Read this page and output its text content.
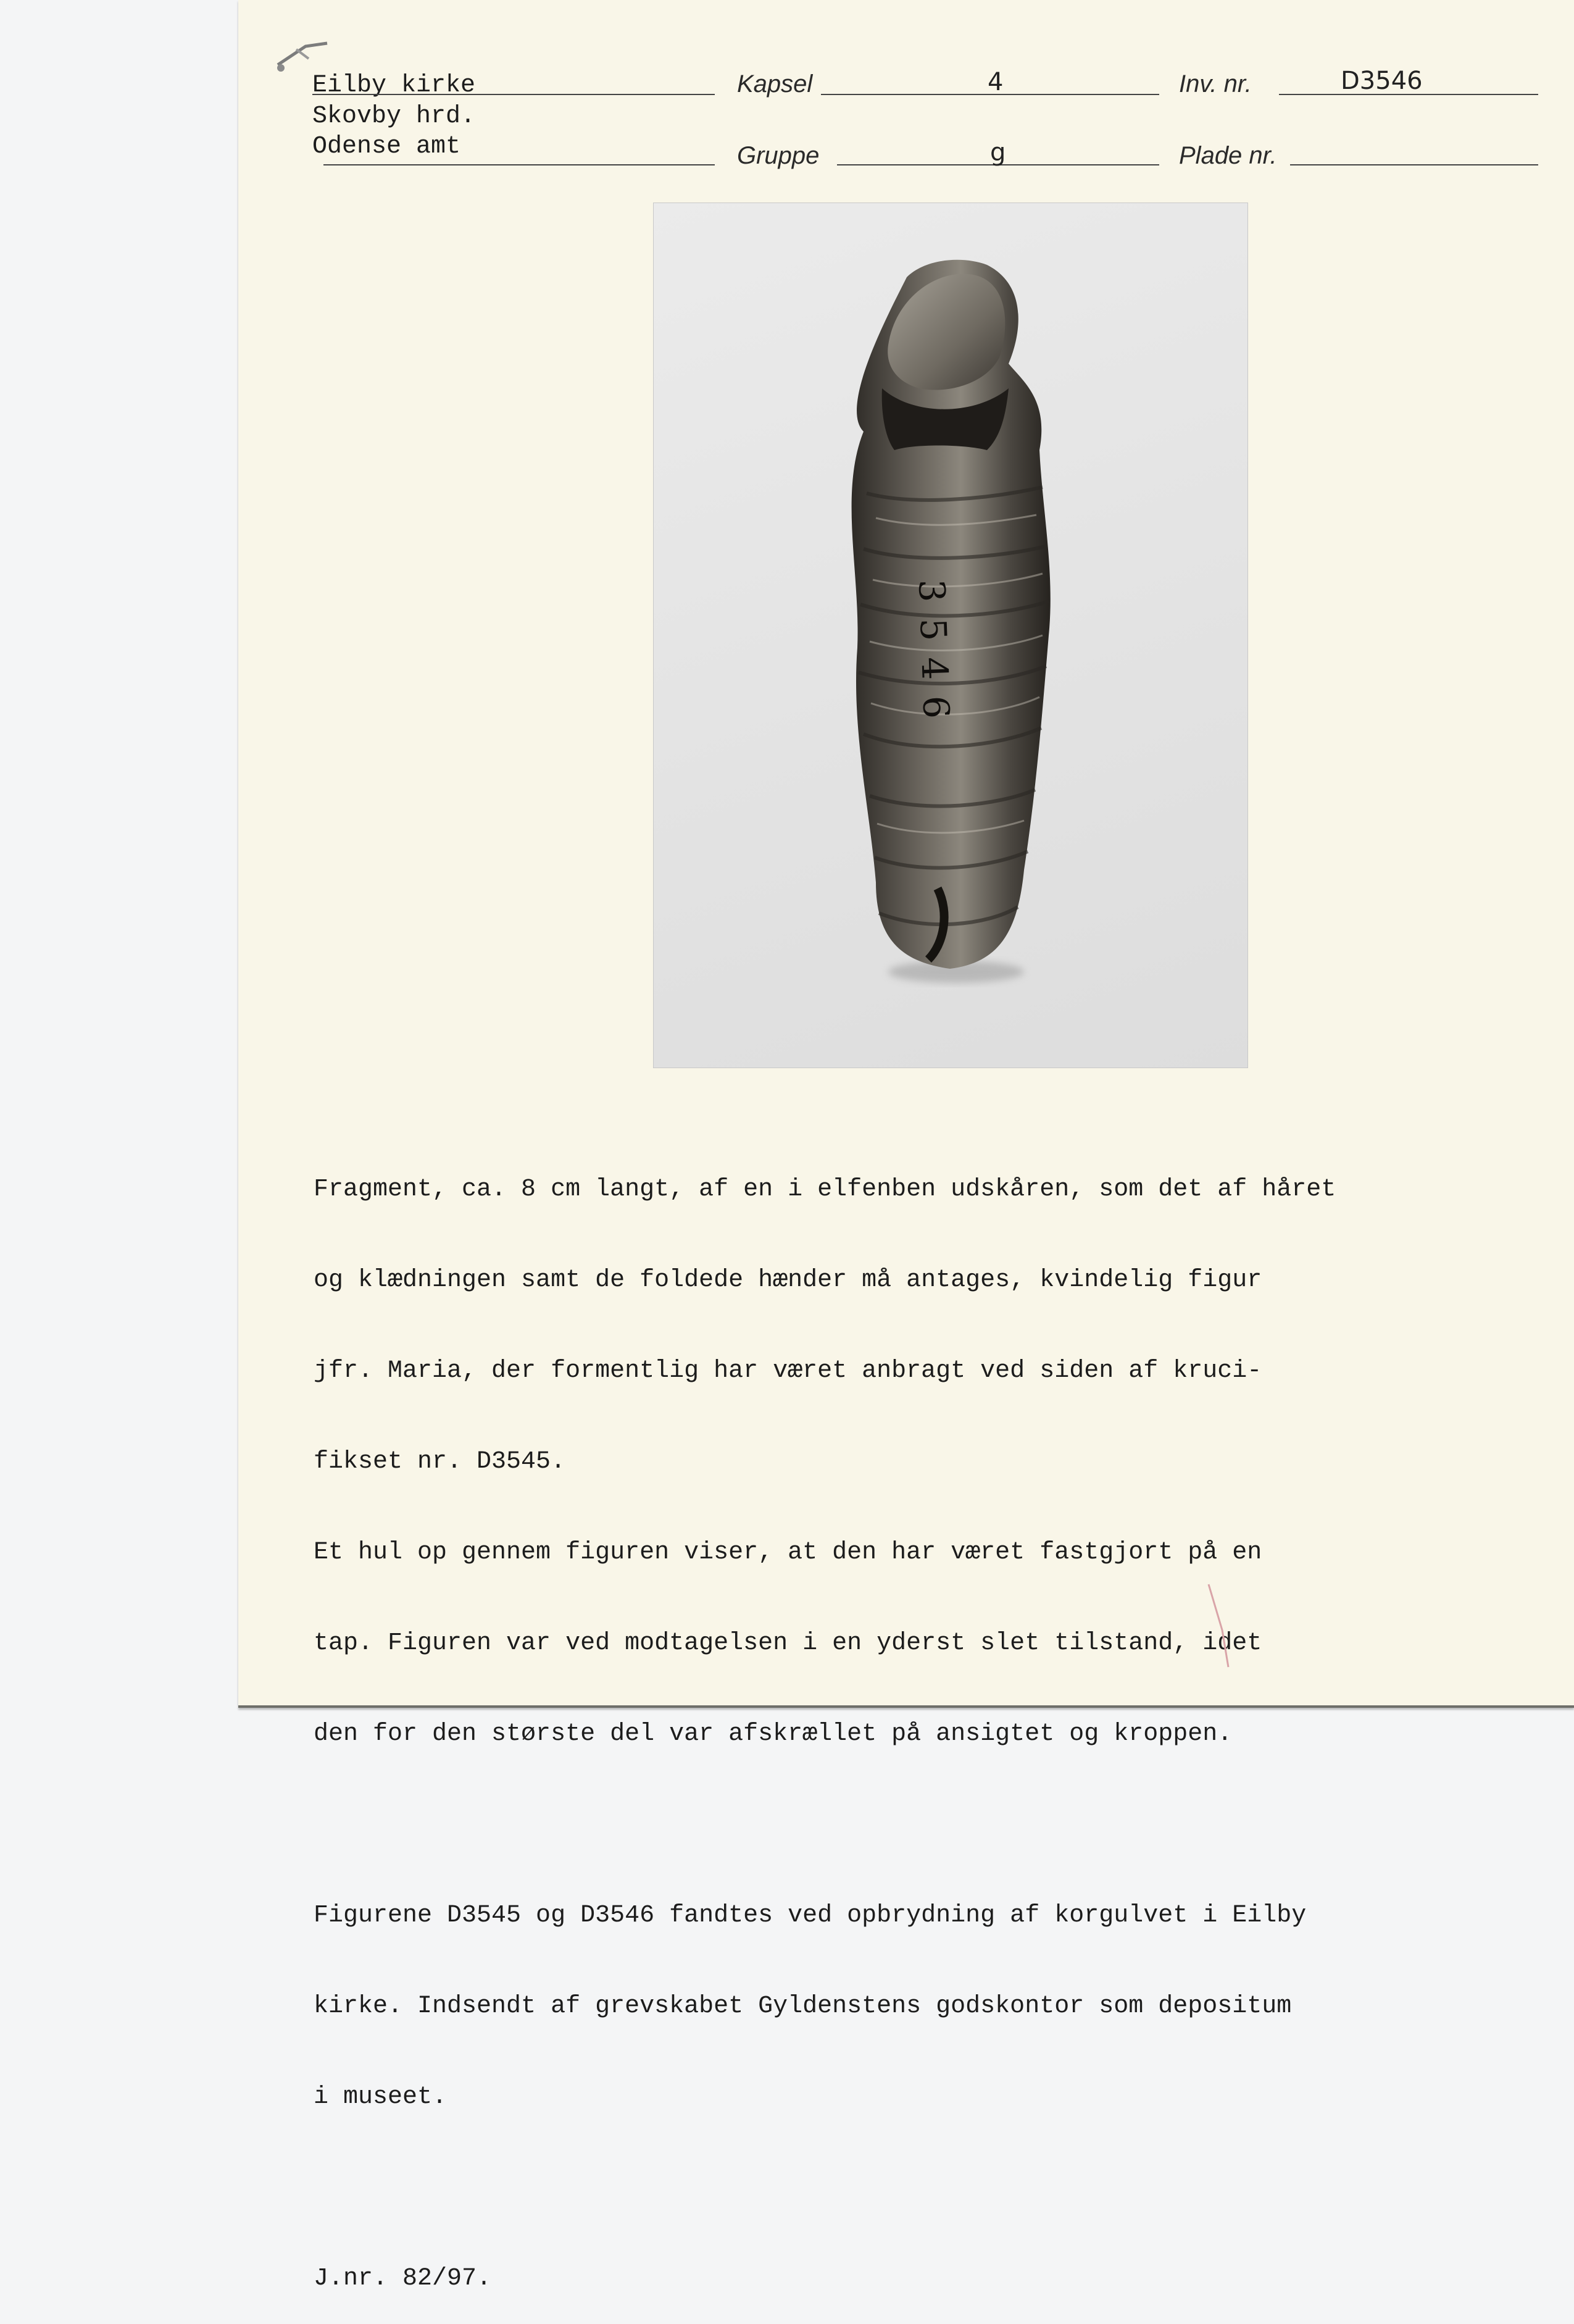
Eilby kirke
Skovby hrd.
Odense amt
Kapsel	4	Inv. nr.	D3546
Gruppe	g	Plade nr.
3546

Fragment, ca. 8 cm langt, af en i elfenben udskåren, som det af håret

og klædningen samt de foldede hænder må antages, kvindelig figur

jfr. Maria, der formentlig har været anbragt ved siden af kruci-

fikset nr. D3545.

Et hul op gennem figuren viser, at den har været fastgjort på en

tap. Figuren var ved modtagelsen i en yderst slet tilstand, idet

den for den største del var afskrællet på ansigtet og kroppen.

Figurene D3545 og D3546 fandtes ved opbrydning af korgulvet i Eilby

kirke. Indsendt af grevskabet Gyldenstens godskontor som depositum

i museet.

J.nr. 82/97.
